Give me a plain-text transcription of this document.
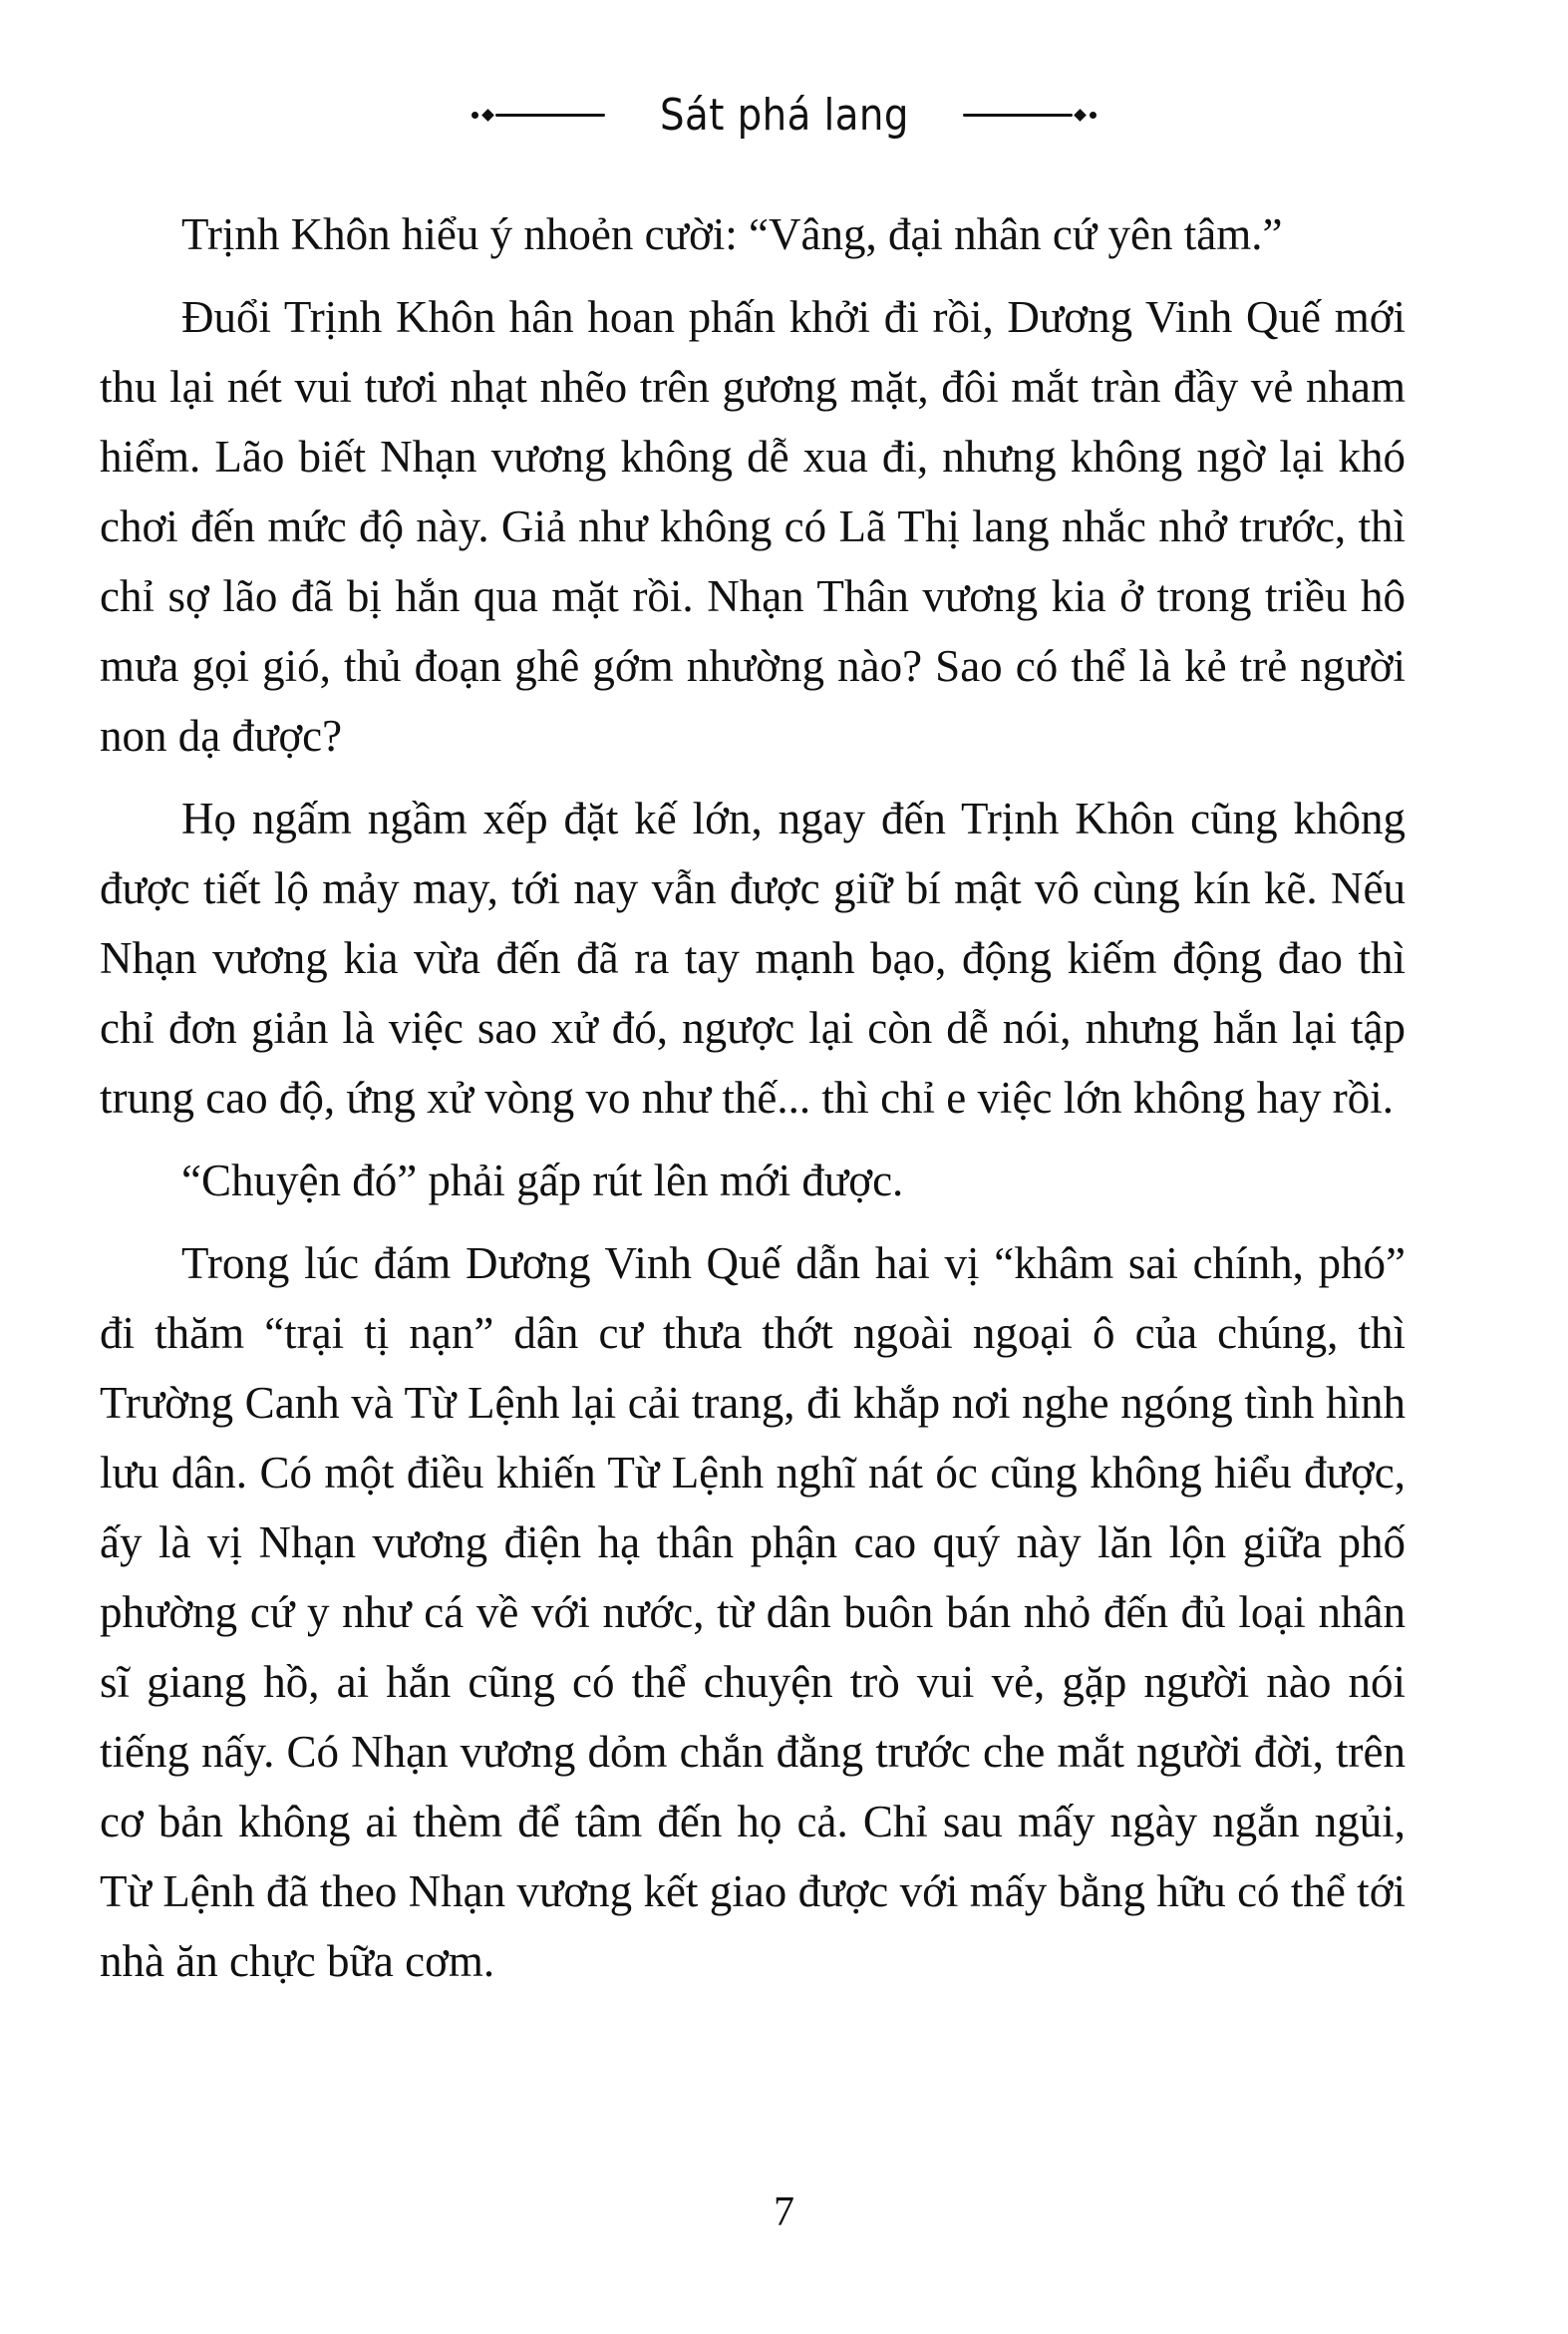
Sát phá lang

Trịnh Khôn hiểu ý nhoẻn cười: “Vâng, đại nhân cứ yên tâm.”

Đuổi Trịnh Khôn hân hoan phấn khởi đi rồi, Dương Vinh Quế mới thu lại nét vui tươi nhạt nhẽo trên gương mặt, đôi mắt tràn đầy vẻ nham hiểm. Lão biết Nhạn vương không dễ xua đi, nhưng không ngờ lại khó chơi đến mức độ này. Giả như không có Lã Thị lang nhắc nhở trước, thì chỉ sợ lão đã bị hắn qua mặt rồi. Nhạn Thân vương kia ở trong triều hô mưa gọi gió, thủ đoạn ghê gớm nhường nào? Sao có thể là kẻ trẻ người non dạ được?

Họ ngấm ngầm xếp đặt kế lớn, ngay đến Trịnh Khôn cũng không được tiết lộ mảy may, tới nay vẫn được giữ bí mật vô cùng kín kẽ. Nếu Nhạn vương kia vừa đến đã ra tay mạnh bạo, động kiếm động đao thì chỉ đơn giản là việc sao xử đó, ngược lại còn dễ nói, nhưng hắn lại tập trung cao độ, ứng xử vòng vo như thế... thì chỉ e việc lớn không hay rồi.

“Chuyện đó” phải gấp rút lên mới được.

Trong lúc đám Dương Vinh Quế dẫn hai vị “khâm sai chính, phó” đi thăm “trại tị nạn” dân cư thưa thớt ngoài ngoại ô của chúng, thì Trường Canh và Từ Lệnh lại cải trang, đi khắp nơi nghe ngóng tình hình lưu dân. Có một điều khiến Từ Lệnh nghĩ nát óc cũng không hiểu được, ấy là vị Nhạn vương điện hạ thân phận cao quý này lăn lộn giữa phố phường cứ y như cá về với nước, từ dân buôn bán nhỏ đến đủ loại nhân sĩ giang hồ, ai hắn cũng có thể chuyện trò vui vẻ, gặp người nào nói tiếng nấy. Có Nhạn vương dỏm chắn đằng trước che mắt người đời, trên cơ bản không ai thèm để tâm đến họ cả. Chỉ sau mấy ngày ngắn ngủi, Từ Lệnh đã theo Nhạn vương kết giao được với mấy bằng hữu có thể tới nhà ăn chực bữa cơm.

7
